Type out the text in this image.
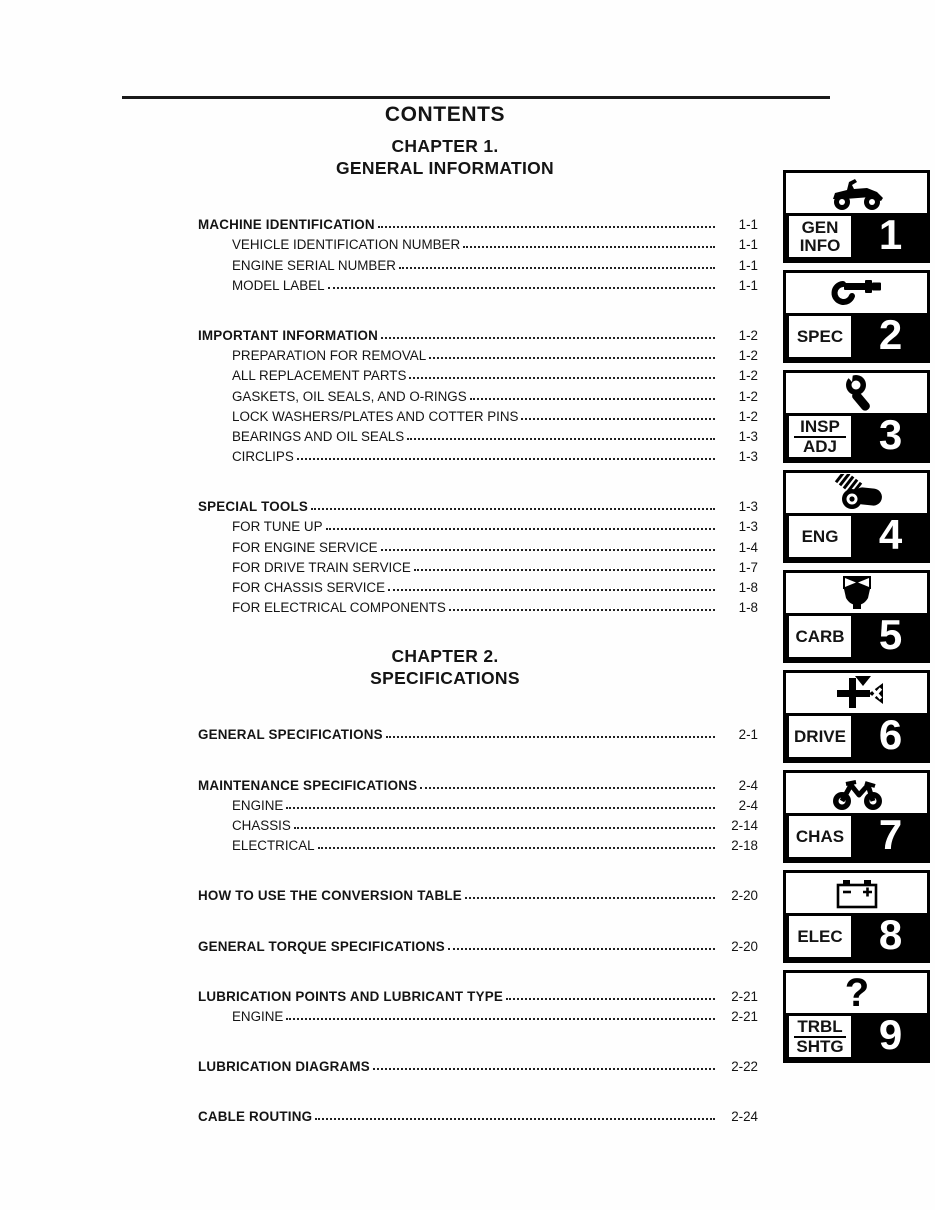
CONTENTS
CHAPTER 1.
GENERAL INFORMATION
MACHINE IDENTIFICATION	1-1
VEHICLE IDENTIFICATION NUMBER	1-1
ENGINE SERIAL NUMBER	1-1
MODEL LABEL	1-1
IMPORTANT INFORMATION	1-2
PREPARATION FOR REMOVAL	1-2
ALL REPLACEMENT PARTS	1-2
GASKETS, OIL SEALS, AND O-RINGS	1-2
LOCK WASHERS/PLATES AND COTTER PINS	1-2
BEARINGS AND OIL SEALS	1-3
CIRCLIPS	1-3
SPECIAL TOOLS	1-3
FOR TUNE UP	1-3
FOR ENGINE SERVICE	1-4
FOR DRIVE TRAIN SERVICE	1-7
FOR CHASSIS SERVICE	1-8
FOR ELECTRICAL COMPONENTS	1-8
CHAPTER 2.
SPECIFICATIONS
GENERAL SPECIFICATIONS	2-1
MAINTENANCE SPECIFICATIONS	2-4
ENGINE	2-4
CHASSIS	2-14
ELECTRICAL	2-18
HOW TO USE THE CONVERSION TABLE	2-20
GENERAL TORQUE SPECIFICATIONS	2-20
LUBRICATION POINTS AND LUBRICANT TYPE	2-21
ENGINE	2-21
LUBRICATION DIAGRAMS	2-22
CABLE ROUTING	2-24
GEN
INFO 1
SPEC 2
INSP
ADJ 3
ENG 4
CARB 5
DRIVE 6
CHAS 7
ELEC 8
?
TRBL
SHTG 9
